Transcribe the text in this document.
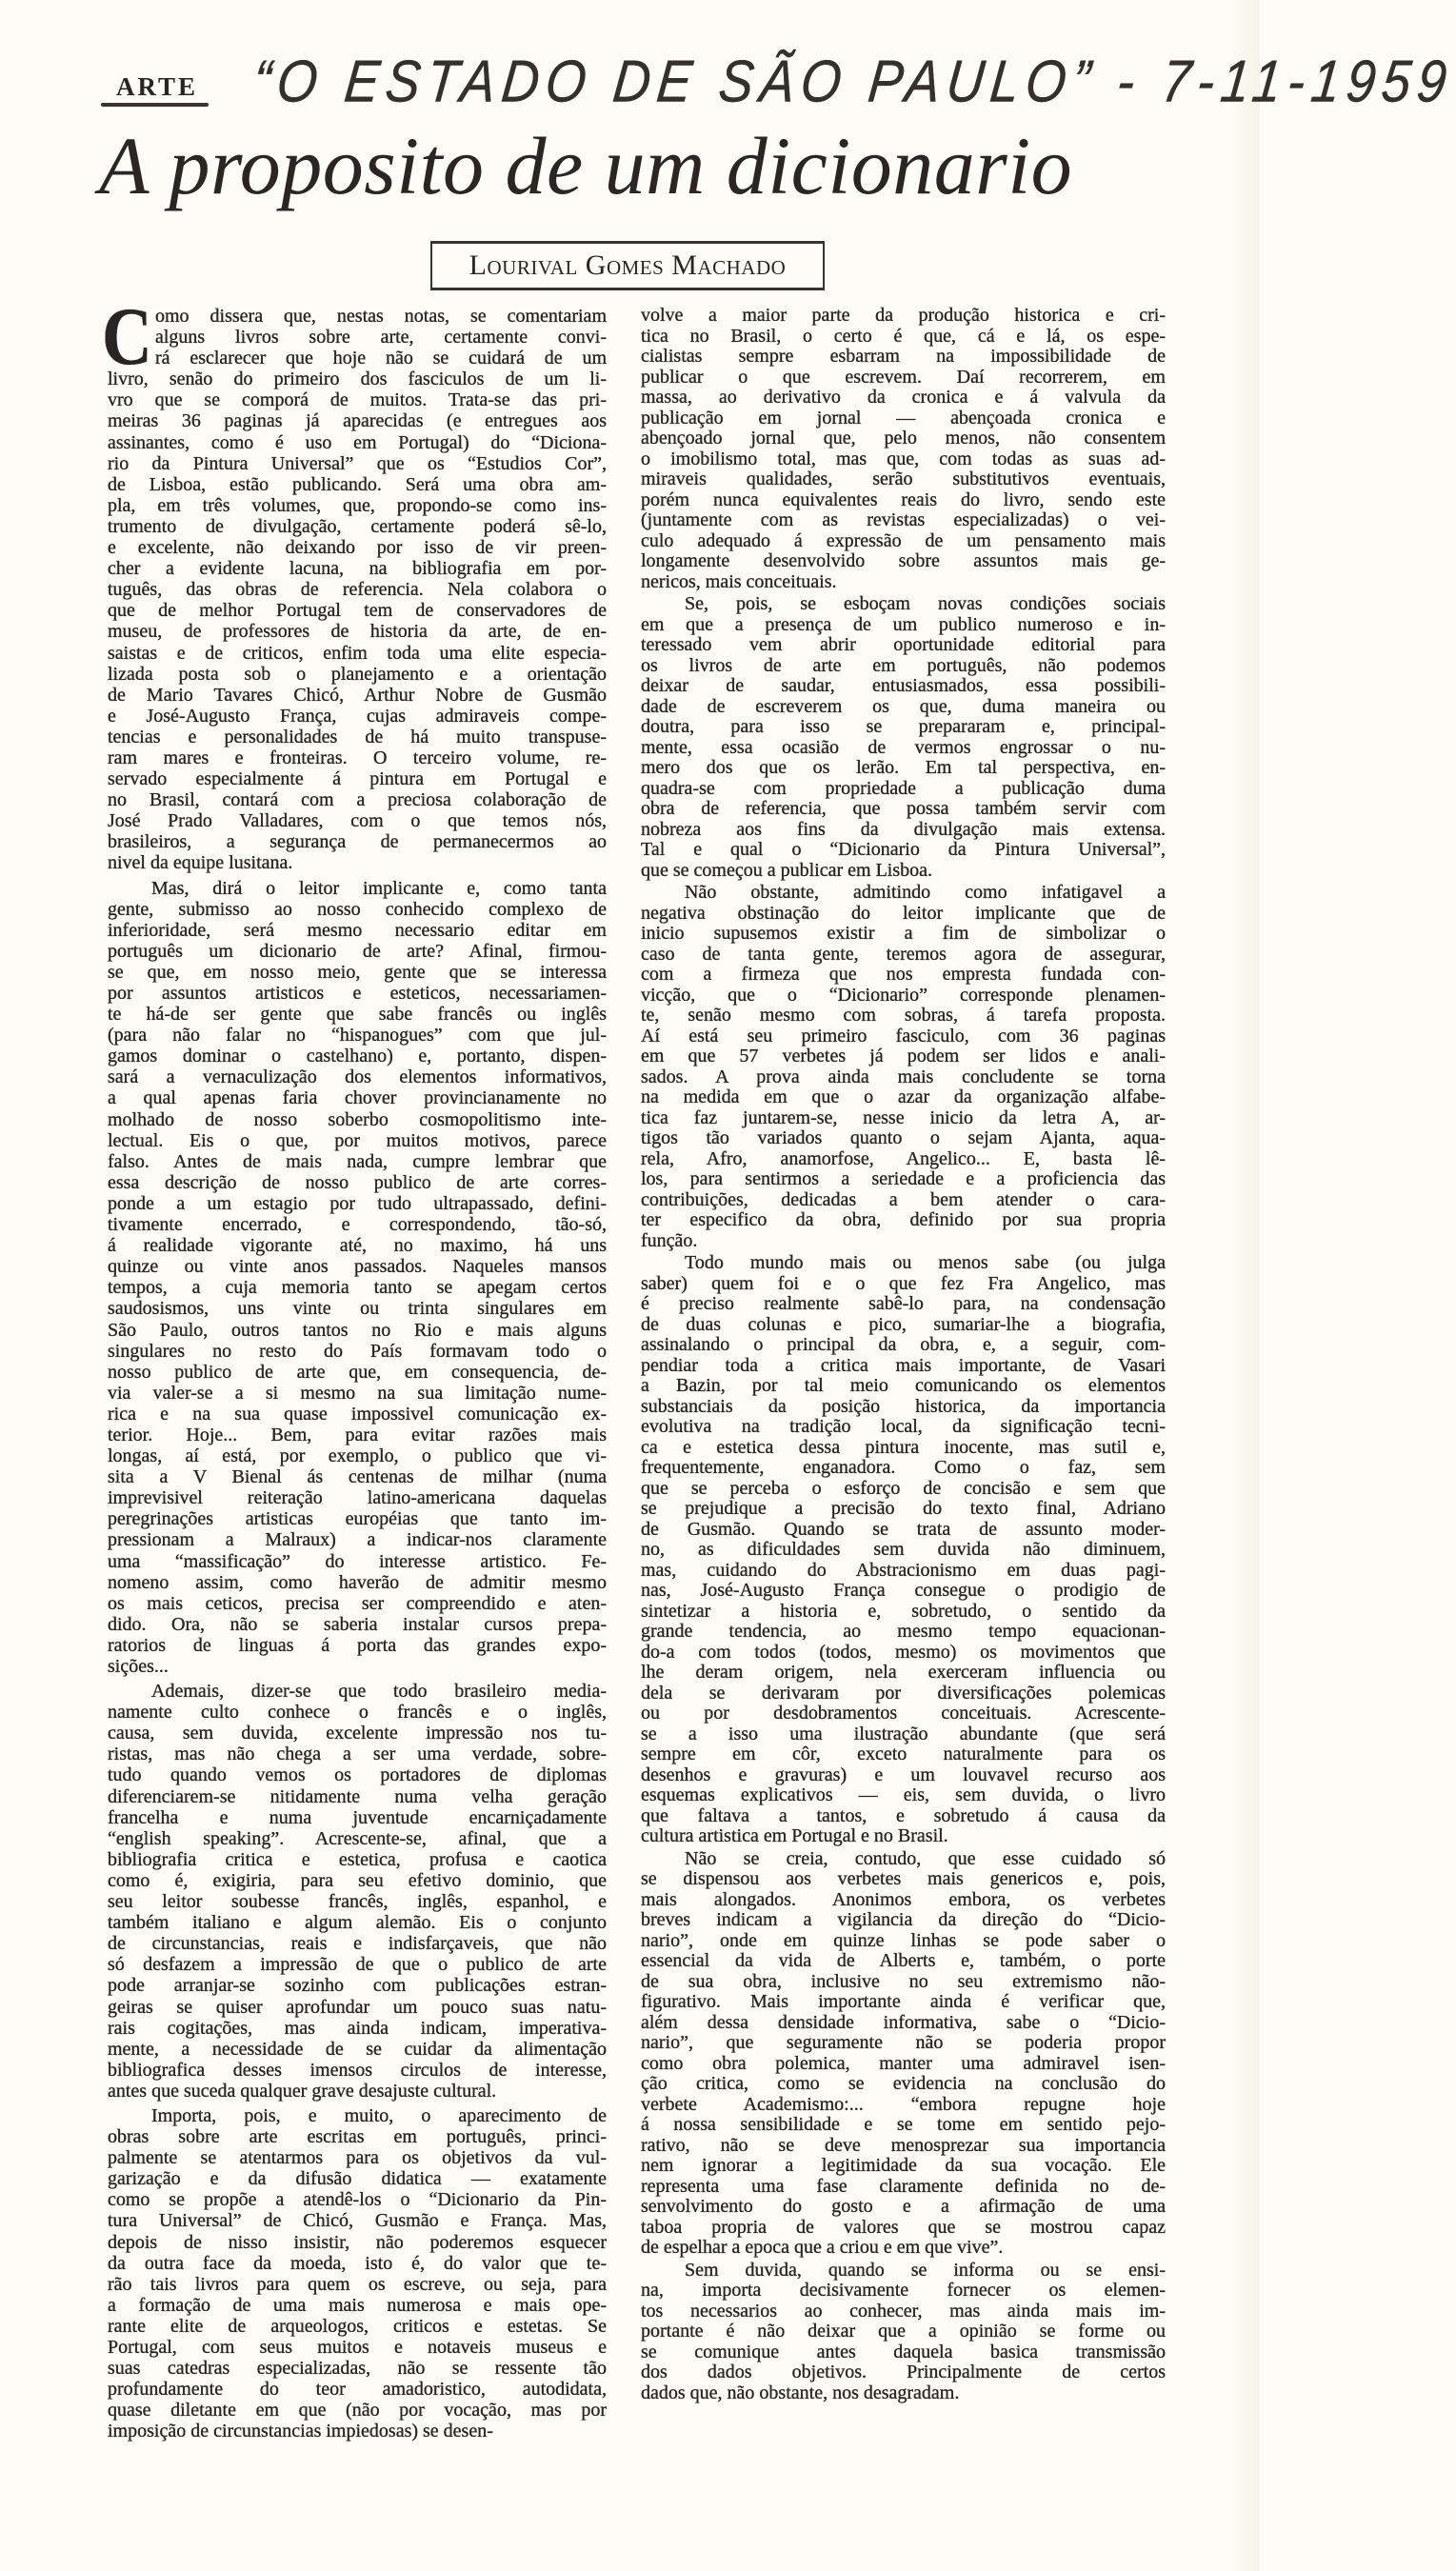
ARTE “O ESTADO DE SÃO PAULO” - 7-11-1959
A proposito de um dicionario
Lourival Gomes Machado
C omo dissera que, nestas notas, se comentariam
alguns livros sobre arte, certamente convi-
rá esclarecer que hoje não se cuidará de um
livro, senão do primeiro dos fasciculos de um li-
vro que se comporá de muitos. Trata-se das pri-
meiras 36 paginas já aparecidas (e entregues aos
assinantes, como é uso em Portugal) do “Diciona-
rio da Pintura Universal” que os “Estudios Cor”,
de Lisboa, estão publicando. Será uma obra am-
pla, em três volumes, que, propondo-se como ins-
trumento de divulgação, certamente poderá sê-lo,
e excelente, não deixando por isso de vir preen-
cher a evidente lacuna, na bibliografia em por-
tuguês, das obras de referencia. Nela colabora o
que de melhor Portugal tem de conservadores de
museu, de professores de historia da arte, de en-
saistas e de criticos, enfim toda uma elite especia-
lizada posta sob o planejamento e a orientação
de Mario Tavares Chicó, Arthur Nobre de Gusmão
e José-Augusto França, cujas admiraveis compe-
tencias e personalidades de há muito transpuse-
ram mares e fronteiras. O terceiro volume, re-
servado especialmente á pintura em Portugal e
no Brasil, contará com a preciosa colaboração de
José Prado Valladares, com o que temos nós,
brasileiros, a segurança de permanecermos ao
nivel da equipe lusitana.
Mas, dirá o leitor implicante e, como tanta
gente, submisso ao nosso conhecido complexo de
inferioridade, será mesmo necessario editar em
português um dicionario de arte? Afinal, firmou-
se que, em nosso meio, gente que se interessa
por assuntos artisticos e esteticos, necessariamen-
te há-de ser gente que sabe francês ou inglês
(para não falar no “hispanogues” com que jul-
gamos dominar o castelhano) e, portanto, dispen-
sará a vernaculização dos elementos informativos,
a qual apenas faria chover provincianamente no
molhado de nosso soberbo cosmopolitismo inte-
lectual. Eis o que, por muitos motivos, parece
falso. Antes de mais nada, cumpre lembrar que
essa descrição de nosso publico de arte corres-
ponde a um estagio por tudo ultrapassado, defini-
tivamente encerrado, e correspondendo, tão-só,
á realidade vigorante até, no maximo, há uns
quinze ou vinte anos passados. Naqueles mansos
tempos, a cuja memoria tanto se apegam certos
saudosismos, uns vinte ou trinta singulares em
São Paulo, outros tantos no Rio e mais alguns
singulares no resto do País formavam todo o
nosso publico de arte que, em consequencia, de-
via valer-se a si mesmo na sua limitação nume-
rica e na sua quase impossivel comunicação ex-
terior. Hoje... Bem, para evitar razões mais
longas, aí está, por exemplo, o publico que vi-
sita a V Bienal ás centenas de milhar (numa
imprevisivel reiteração latino-americana daquelas
peregrinações artisticas européias que tanto im-
pressionam a Malraux) a indicar-nos claramente
uma “massificação” do interesse artistico. Fe-
nomeno assim, como haverão de admitir mesmo
os mais ceticos, precisa ser compreendido e aten-
dido. Ora, não se saberia instalar cursos prepa-
ratorios de linguas á porta das grandes expo-
sições...
Ademais, dizer-se que todo brasileiro media-
namente culto conhece o francês e o inglês,
causa, sem duvida, excelente impressão nos tu-
ristas, mas não chega a ser uma verdade, sobre-
tudo quando vemos os portadores de diplomas
diferenciarem-se nitidamente numa velha geração
francelha e numa juventude encarniçadamente
“english speaking”. Acrescente-se, afinal, que a
bibliografia critica e estetica, profusa e caotica
como é, exigiria, para seu efetivo dominio, que
seu leitor soubesse francês, inglês, espanhol, e
também italiano e algum alemão. Eis o conjunto
de circunstancias, reais e indisfarçaveis, que não
só desfazem a impressão de que o publico de arte
pode arranjar-se sozinho com publicações estran-
geiras se quiser aprofundar um pouco suas natu-
rais cogitações, mas ainda indicam, imperativa-
mente, a necessidade de se cuidar da alimentação
bibliografica desses imensos circulos de interesse,
antes que suceda qualquer grave desajuste cultural.
Importa, pois, e muito, o aparecimento de
obras sobre arte escritas em português, princi-
palmente se atentarmos para os objetivos da vul-
garização e da difusão didatica — exatamente
como se propõe a atendê-los o “Dicionario da Pin-
tura Universal” de Chicó, Gusmão e França. Mas,
depois de nisso insistir, não poderemos esquecer
da outra face da moeda, isto é, do valor que te-
rão tais livros para quem os escreve, ou seja, para
a formação de uma mais numerosa e mais ope-
rante elite de arqueologos, criticos e estetas. Se
Portugal, com seus muitos e notaveis museus e
suas catedras especializadas, não se ressente tão
profundamente do teor amadoristico, autodidata,
quase diletante em que (não por vocação, mas por
imposição de circunstancias impiedosas) se desen-
volve a maior parte da produção historica e cri-
tica no Brasil, o certo é que, cá e lá, os espe-
cialistas sempre esbarram na impossibilidade de
publicar o que escrevem. Daí recorrerem, em
massa, ao derivativo da cronica e á valvula da
publicação em jornal — abençoada cronica e
abençoado jornal que, pelo menos, não consentem
o imobilismo total, mas que, com todas as suas ad-
miraveis qualidades, serão substitutivos eventuais,
porém nunca equivalentes reais do livro, sendo este
(juntamente com as revistas especializadas) o vei-
culo adequado á expressão de um pensamento mais
longamente desenvolvido sobre assuntos mais ge-
nericos, mais conceituais.
Se, pois, se esboçam novas condições sociais
em que a presença de um publico numeroso e in-
teressado vem abrir oportunidade editorial para
os livros de arte em português, não podemos
deixar de saudar, entusiasmados, essa possibili-
dade de escreverem os que, duma maneira ou
doutra, para isso se prepararam e, principal-
mente, essa ocasião de vermos engrossar o nu-
mero dos que os lerão. Em tal perspectiva, en-
quadra-se com propriedade a publicação duma
obra de referencia, que possa também servir com
nobreza aos fins da divulgação mais extensa.
Tal e qual o “Dicionario da Pintura Universal”,
que se começou a publicar em Lisboa.
Não obstante, admitindo como infatigavel a
negativa obstinação do leitor implicante que de
inicio supusemos existir a fim de simbolizar o
caso de tanta gente, teremos agora de assegurar,
com a firmeza que nos empresta fundada con-
vicção, que o “Dicionario” corresponde plenamen-
te, senão mesmo com sobras, á tarefa proposta.
Aí está seu primeiro fasciculo, com 36 paginas
em que 57 verbetes já podem ser lidos e anali-
sados. A prova ainda mais concludente se torna
na medida em que o azar da organização alfabe-
tica faz juntarem-se, nesse inicio da letra A, ar-
tigos tão variados quanto o sejam Ajanta, aqua-
rela, Afro, anamorfose, Angelico... E, basta lê-
los, para sentirmos a seriedade e a proficiencia das
contribuições, dedicadas a bem atender o cara-
ter especifico da obra, definido por sua propria
função.
Todo mundo mais ou menos sabe (ou julga
saber) quem foi e o que fez Fra Angelico, mas
é preciso realmente sabê-lo para, na condensação
de duas colunas e pico, sumariar-lhe a biografia,
assinalando o principal da obra, e, a seguir, com-
pendiar toda a critica mais importante, de Vasari
a Bazin, por tal meio comunicando os elementos
substanciais da posição historica, da importancia
evolutiva na tradição local, da significação tecni-
ca e estetica dessa pintura inocente, mas sutil e,
frequentemente, enganadora. Como o faz, sem
que se perceba o esforço de concisão e sem que
se prejudique a precisão do texto final, Adriano
de Gusmão. Quando se trata de assunto moder-
no, as dificuldades sem duvida não diminuem,
mas, cuidando do Abstracionismo em duas pagi-
nas, José-Augusto França consegue o prodigio de
sintetizar a historia e, sobretudo, o sentido da
grande tendencia, ao mesmo tempo equacionan-
do-a com todos (todos, mesmo) os movimentos que
lhe deram origem, nela exerceram influencia ou
dela se derivaram por diversificações polemicas
ou por desdobramentos conceituais. Acrescente-
se a isso uma ilustração abundante (que será
sempre em côr, exceto naturalmente para os
desenhos e gravuras) e um louvavel recurso aos
esquemas explicativos — eis, sem duvida, o livro
que faltava a tantos, e sobretudo á causa da
cultura artistica em Portugal e no Brasil.
Não se creia, contudo, que esse cuidado só
se dispensou aos verbetes mais genericos e, pois,
mais alongados. Anonimos embora, os verbetes
breves indicam a vigilancia da direção do “Dicio-
nario”, onde em quinze linhas se pode saber o
essencial da vida de Alberts e, também, o porte
de sua obra, inclusive no seu extremismo não-
figurativo. Mais importante ainda é verificar que,
além dessa densidade informativa, sabe o “Dicio-
nario”, que seguramente não se poderia propor
como obra polemica, manter uma admiravel isen-
ção critica, como se evidencia na conclusão do
verbete Academismo:... “embora repugne hoje
á nossa sensibilidade e se tome em sentido pejo-
rativo, não se deve menosprezar sua importancia
nem ignorar a legitimidade da sua vocação. Ele
representa uma fase claramente definida no de-
senvolvimento do gosto e a afirmação de uma
taboa propria de valores que se mostrou capaz
de espelhar a epoca que a criou e em que vive”.
Sem duvida, quando se informa ou se ensi-
na, importa decisivamente fornecer os elemen-
tos necessarios ao conhecer, mas ainda mais im-
portante é não deixar que a opinião se forme ou
se comunique antes daquela basica transmissão
dos dados objetivos. Principalmente de certos
dados que, não obstante, nos desagradam.
